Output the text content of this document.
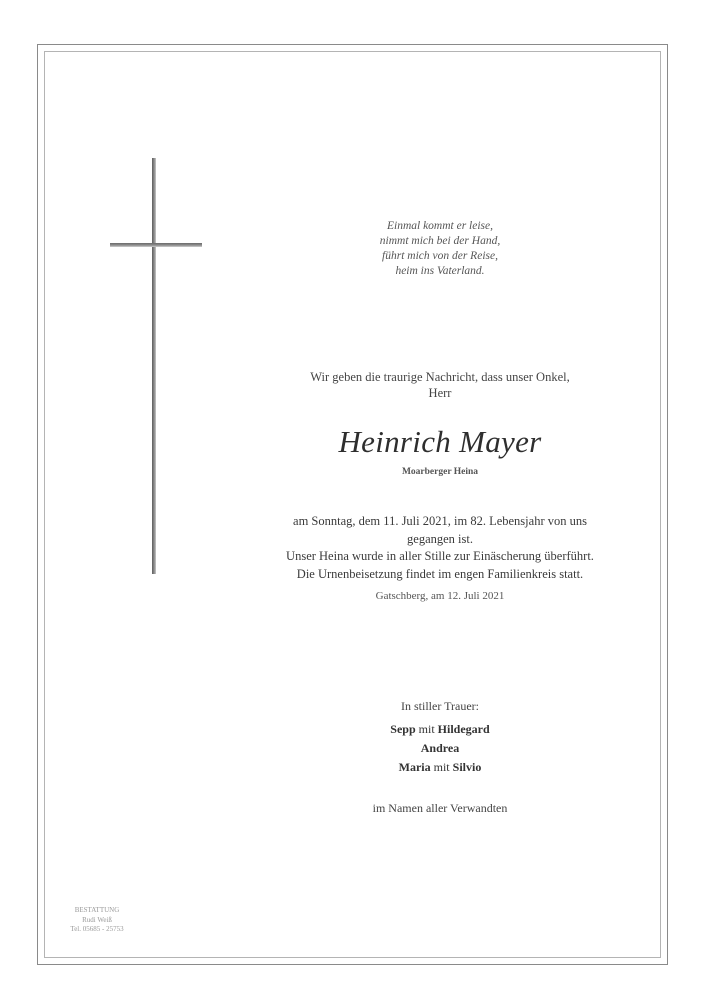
Einmal kommt er leise,
nimmt mich bei der Hand,
führt mich von der Reise,
heim ins Vaterland.
Wir geben die traurige Nachricht, dass unser Onkel,
Herr
Heinrich Mayer
Moarberger Heina
am Sonntag, dem 11. Juli 2021, im 82. Lebensjahr von uns
gegangen ist.
Unser Heina wurde in aller Stille zur Einäscherung überführt.
Die Urnenbeisetzung findet im engen Familienkreis statt.
Gatschberg, am 12. Juli 2021
In stiller Trauer:
Sepp mit Hildegard
Andrea
Maria mit Silvio
im Namen aller Verwandten
BESTATTUNG
Rudi Weiß
Tel. 05685 - 25753
